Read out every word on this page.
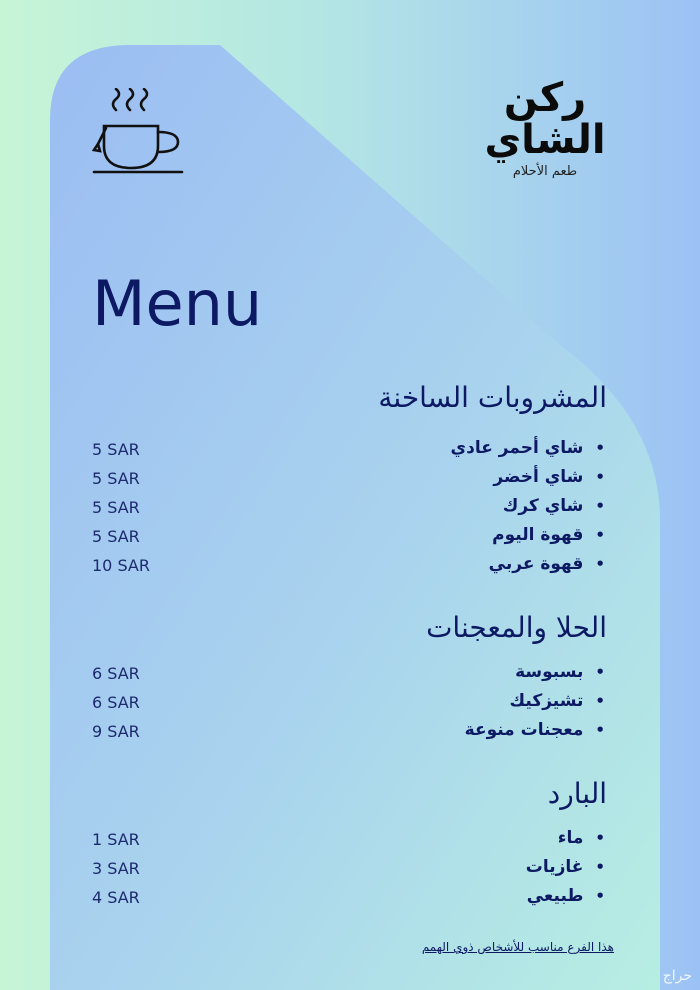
ركن
الشاي
طعم الأحلام
Menu
المشروبات الساخنة
5 SAR	•شاي أحمر عادي
5 SAR	•شاي أخضر
5 SAR	•شاي كرك
5 SAR	•قهوة اليوم
10 SAR	•قهوة عربي
الحلا والمعجنات
6 SAR	•بسبوسة
6 SAR	•تشيزكيك
9 SAR	•معجنات منوعة
البارد
1 SAR	•ماء
3 SAR	•غازيات
4 SAR	•طبيعي
هذا الفرع مناسب للأشخاص ذوي الهمم
حراج
